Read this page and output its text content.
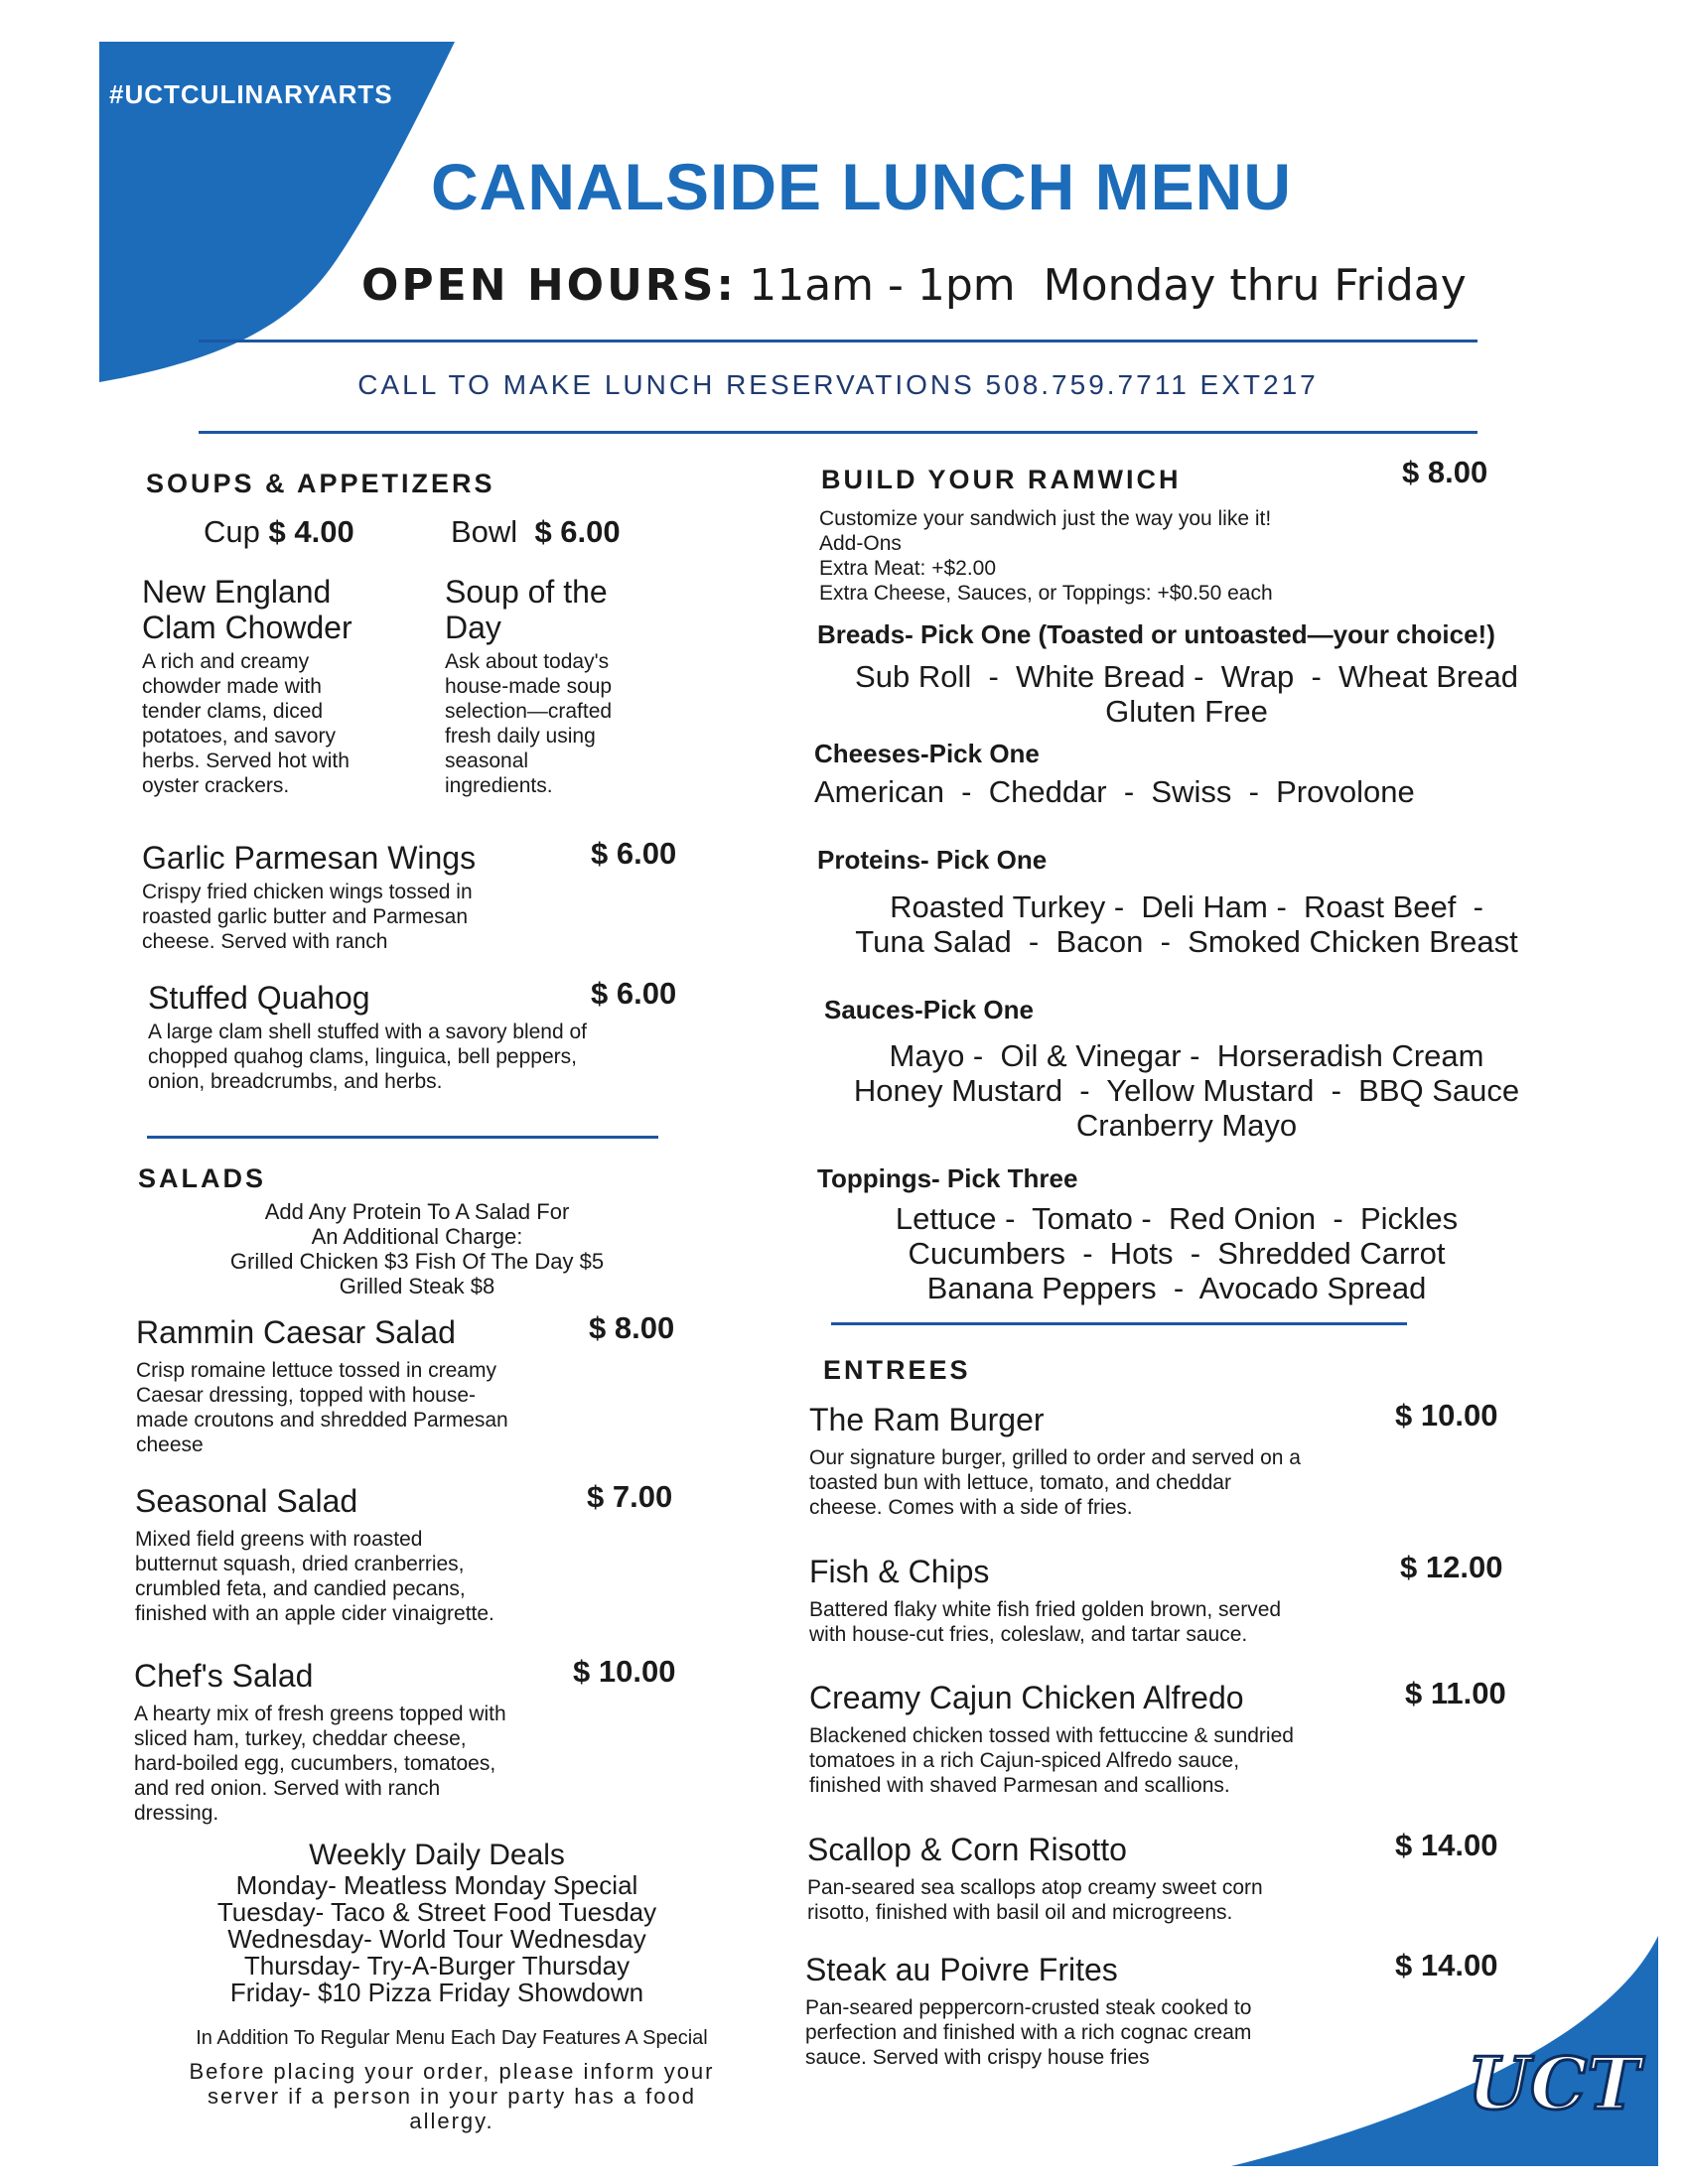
#UCTCULINARYARTS
CANALSIDE LUNCH MENU
OPEN HOURS: 11am - 1pm  Monday thru Friday
CALL TO MAKE LUNCH RESERVATIONS 508.759.7711 EXT217
SOUPS & APPETIZERS
Cup $ 4.00	Bowl $ 6.00
New England
Clam Chowder
A rich and creamy
chowder made with
tender clams, diced
potatoes, and savory
herbs. Served hot with
oyster crackers.
Soup of the
Day
Ask about today's
house-made soup
selection—crafted
fresh daily using
seasonal
ingredients.
Garlic Parmesan Wings	$ 6.00
Crispy fried chicken wings tossed in
roasted garlic butter and Parmesan
cheese. Served with ranch
Stuffed Quahog	$ 6.00
A large clam shell stuffed with a savory blend of
chopped quahog clams, linguica, bell peppers,
onion, breadcrumbs, and herbs.
SALADS
Add Any Protein To A Salad For
An Additional Charge:
Grilled Chicken $3 Fish Of The Day $5
Grilled Steak $8
Rammin Caesar Salad	$ 8.00
Crisp romaine lettuce tossed in creamy
Caesar dressing, topped with house-
made croutons and shredded Parmesan
cheese
Seasonal Salad	$ 7.00
Mixed field greens with roasted
butternut squash, dried cranberries,
crumbled feta, and candied pecans,
finished with an apple cider vinaigrette.
Chef's Salad	$ 10.00
A hearty mix of fresh greens topped with
sliced ham, turkey, cheddar cheese,
hard-boiled egg, cucumbers, tomatoes,
and red onion. Served with ranch
dressing.
Weekly Daily Deals
Monday- Meatless Monday Special
Tuesday- Taco & Street Food Tuesday
Wednesday- World Tour Wednesday
Thursday- Try-A-Burger Thursday
Friday- $10 Pizza Friday Showdown
In Addition To Regular Menu Each Day Features A Special
Before placing your order, please inform your
server if a person in your party has a food
allergy.
BUILD YOUR RAMWICH	$ 8.00
Customize your sandwich just the way you like it!
Add-Ons
Extra Meat: +$2.00
Extra Cheese, Sauces, or Toppings: +$0.50 each
Breads- Pick One (Toasted or untoasted—your choice!)
Sub Roll  -  White Bread -  Wrap  -  Wheat Bread
Gluten Free
Cheeses-Pick One
American  -  Cheddar  -  Swiss  -  Provolone
Proteins- Pick One
Roasted Turkey -  Deli Ham -  Roast Beef  -
Tuna Salad  -  Bacon  -  Smoked Chicken Breast
Sauces-Pick One
Mayo -  Oil & Vinegar -  Horseradish Cream
Honey Mustard  -  Yellow Mustard  -  BBQ Sauce
Cranberry Mayo
Toppings- Pick Three
Lettuce -  Tomato -  Red Onion  -  Pickles
Cucumbers  -  Hots  -  Shredded Carrot
Banana Peppers  -  Avocado Spread
ENTREES
The Ram Burger	$ 10.00
Our signature burger, grilled to order and served on a
toasted bun with lettuce, tomato, and cheddar
cheese. Comes with a side of fries.
Fish & Chips	$ 12.00
Battered flaky white fish fried golden brown, served
with house-cut fries, coleslaw, and tartar sauce.
Creamy Cajun Chicken Alfredo	$ 11.00
Blackened chicken tossed with fettuccine & sundried
tomatoes in a rich Cajun-spiced Alfredo sauce,
finished with shaved Parmesan and scallions.
Scallop & Corn Risotto	$ 14.00
Pan-seared sea scallops atop creamy sweet corn
risotto, finished with basil oil and microgreens.
Steak au Poivre Frites	$ 14.00
Pan-seared peppercorn-crusted steak cooked to
perfection and finished with a rich cognac cream
sauce. Served with crispy house fries	UCT
